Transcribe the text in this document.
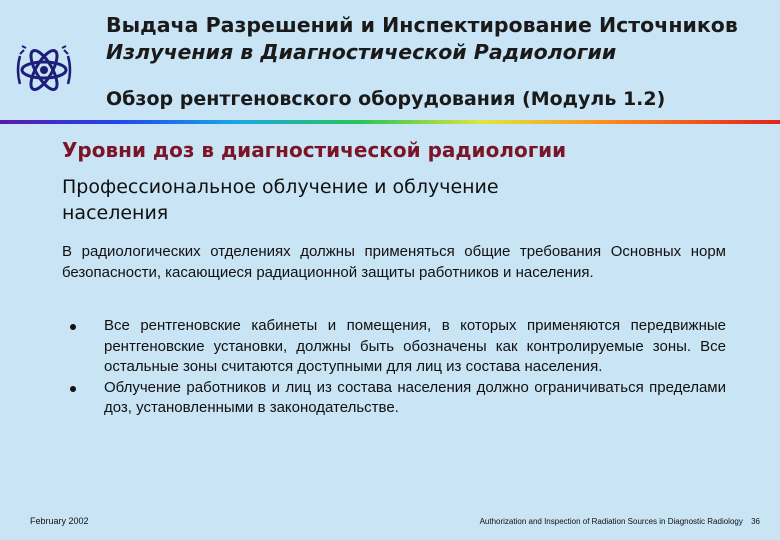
Выдача Разрешений и Инспектирование Источников
Излучения в Диагностической Радиологии
Обзор рентгеновского оборудования (Модуль 1.2)
Уровни доз в диагностической радиологии
Профессиональное облучение и облучение населения
В радиологических отделениях должны применяться общие требования Основных норм безопасности, касающиеся радиационной защиты работников и населения.
Все рентгеновские кабинеты и помещения, в которых применяются передвижные рентгеновские установки, должны быть обозначены как контролируемые зоны. Все остальные зоны считаются доступными для лиц из состава населения.
Облучение работников и лиц из состава населения должно ограничиваться пределами доз, установленными в законодательстве.
February 2002	Authorization and Inspection of Radiation Sources in Diagnostic Radiology 36
